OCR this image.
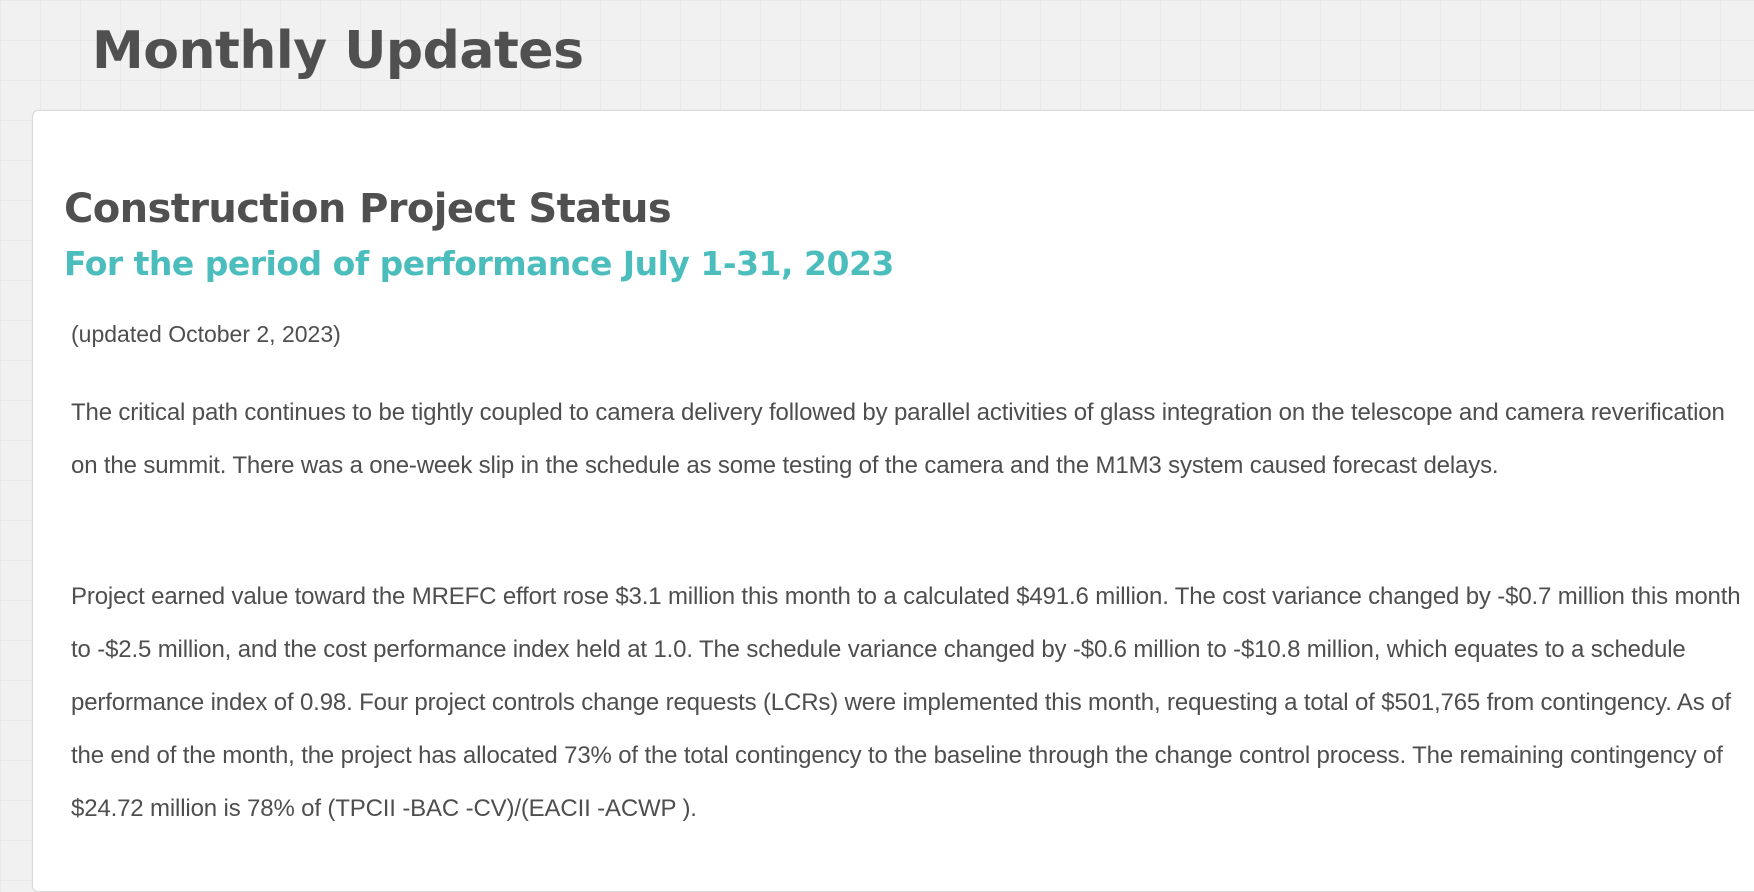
Monthly Updates
Construction Project Status
For the period of performance July 1-31, 2023

(updated October 2, 2023)

The critical path continues to be tightly coupled to camera delivery followed by parallel activities of glass integration on the telescope and camera reverification on the summit. There was a one-week slip in the schedule as some testing of the camera and the M1M3 system caused forecast delays.

Project earned value toward the MREFC effort rose $3.1 million this month to a calculated $491.6 million. The cost variance changed by -$0.7 million this month to -$2.5 million, and the cost performance index held at 1.0. The schedule variance changed by -$0.6 million to -$10.8 million, which equates to a schedule performance index of 0.98. Four project controls change requests (LCRs) were implemented this month, requesting a total of $501,765 from contingency. As of the end of the month, the project has allocated 73% of the total contingency to the baseline through the change control process. The remaining contingency of $24.72 million is 78% of (TPCII -BAC -CV)/(EACII -ACWP ).
